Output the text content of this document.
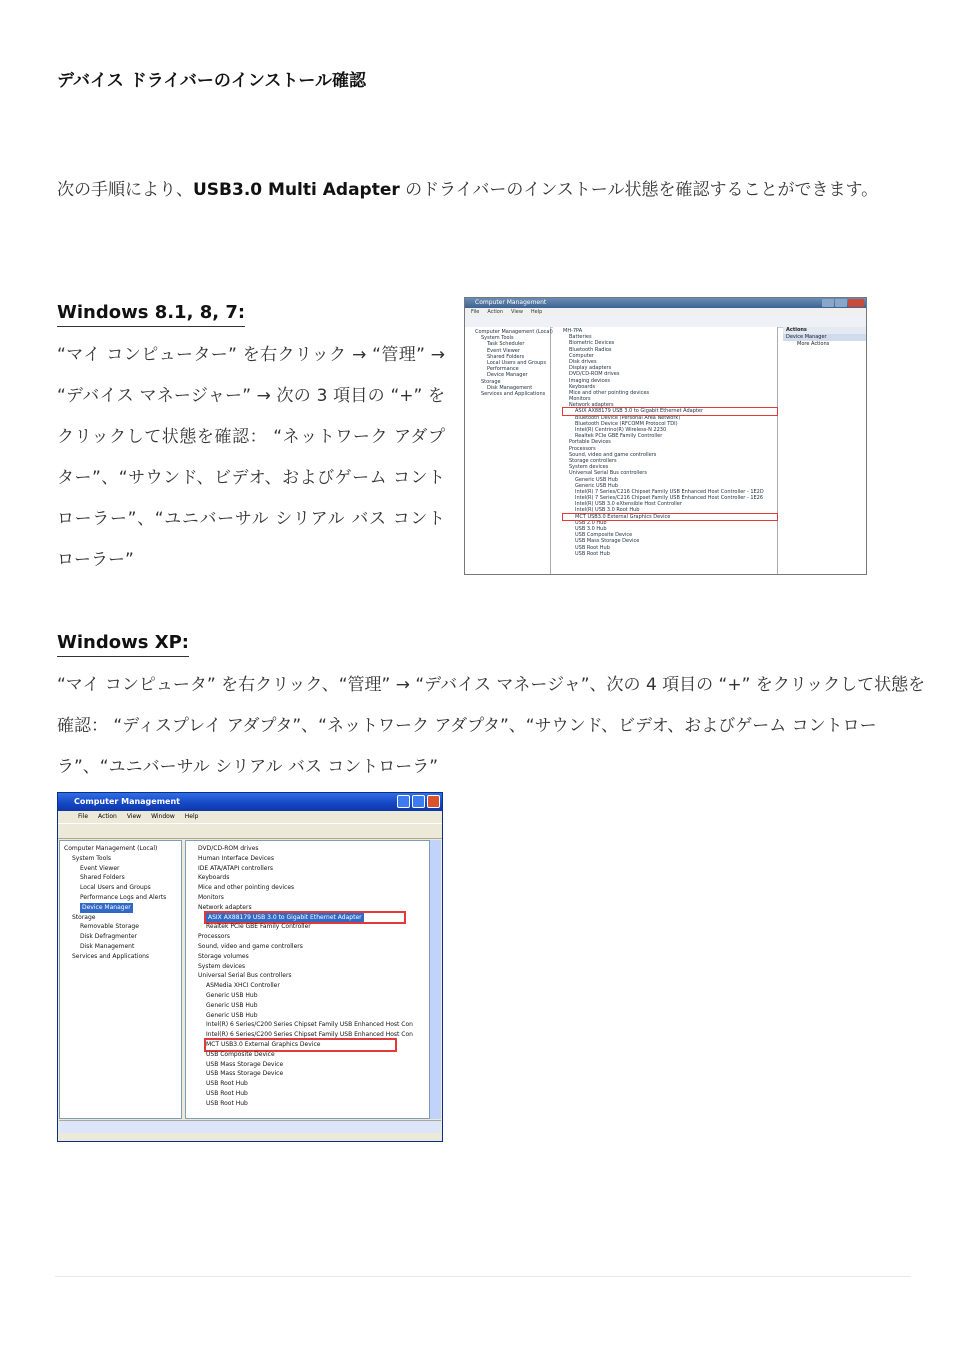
デバイス ドライバーのインストール確認
次の手順により、USB3.0 Multi Adapter のドライバーのインストール状態を確認することができます。
Windows 8.1, 8, 7:
“マイ コンピューター” を右クリック → “管理” → “デバイス マネージャー” → 次の 3 項目の “+” をクリックして状態を確認： “ネットワーク アダプター”、“サウンド、ビデオ、およびゲーム コントローラー”、“ユニバーサル シリアル バス コントローラー”
Computer Management
File Action View Help
Computer Management (Local)
System Tools
Task Scheduler
Event Viewer
Shared Folders
Local Users and Groups
Performance
Device Manager
Storage
Disk Management
Services and Applications
MH-7PA
Batteries
Biometric Devices
Bluetooth Radios
Computer
Disk drives
Display adapters
DVD/CD-ROM drives
Imaging devices
Keyboards
Mice and other pointing devices
Monitors
Network adapters
ASIX AX88179 USB 3.0 to Gigabit Ethernet Adapter
Bluetooth Device (Personal Area Network)
Bluetooth Device (RFCOMM Protocol TDI)
Intel(R) Centrino(R) Wireless-N 2230
Realtek PCIe GBE Family Controller
Portable Devices
Processors
Sound, video and game controllers
Storage controllers
System devices
Universal Serial Bus controllers
Generic USB Hub
Generic USB Hub
Intel(R) 7 Series/C216 Chipset Family USB Enhanced Host Controller - 1E2D
Intel(R) 7 Series/C216 Chipset Family USB Enhanced Host Controller - 1E26
Intel(R) USB 3.0 eXtensible Host Controller
Intel(R) USB 3.0 Root Hub
MCT USB3.0 External Graphics Device
USB 2.0 Hub
USB 3.0 Hub
USB Composite Device
USB Mass Storage Device
USB Root Hub
USB Root Hub
Actions
Device Manager
More Actions
Windows XP:
“マイ コンピュータ” を右クリック、“管理” → “デバイス マネージャ”、次の 4 項目の “+” をクリックして状態を確認： “ディスプレイ アダプタ”、“ネットワーク アダプタ”、“サウンド、ビデオ、およびゲーム コントローラ”、“ユニバーサル シリアル バス コントローラ”
Computer Management
File Action View Window Help
Computer Management (Local)
System Tools
Event Viewer
Shared Folders
Local Users and Groups
Performance Logs and Alerts
Device Manager
Storage
Removable Storage
Disk Defragmenter
Disk Management
Services and Applications
DVD/CD-ROM drives
Human Interface Devices
IDE ATA/ATAPI controllers
Keyboards
Mice and other pointing devices
Monitors
Network adapters
ASIX AX88179 USB 3.0 to Gigabit Ethernet Adapter
Realtek PCIe GBE Family Controller
Processors
Sound, video and game controllers
Storage volumes
System devices
Universal Serial Bus controllers
ASMedia XHCI Controller
Generic USB Hub
Generic USB Hub
Generic USB Hub
Intel(R) 6 Series/C200 Series Chipset Family USB Enhanced Host Con
Intel(R) 6 Series/C200 Series Chipset Family USB Enhanced Host Con
MCT USB3.0 External Graphics Device
USB Composite Device
USB Mass Storage Device
USB Mass Storage Device
USB Root Hub
USB Root Hub
USB Root Hub
